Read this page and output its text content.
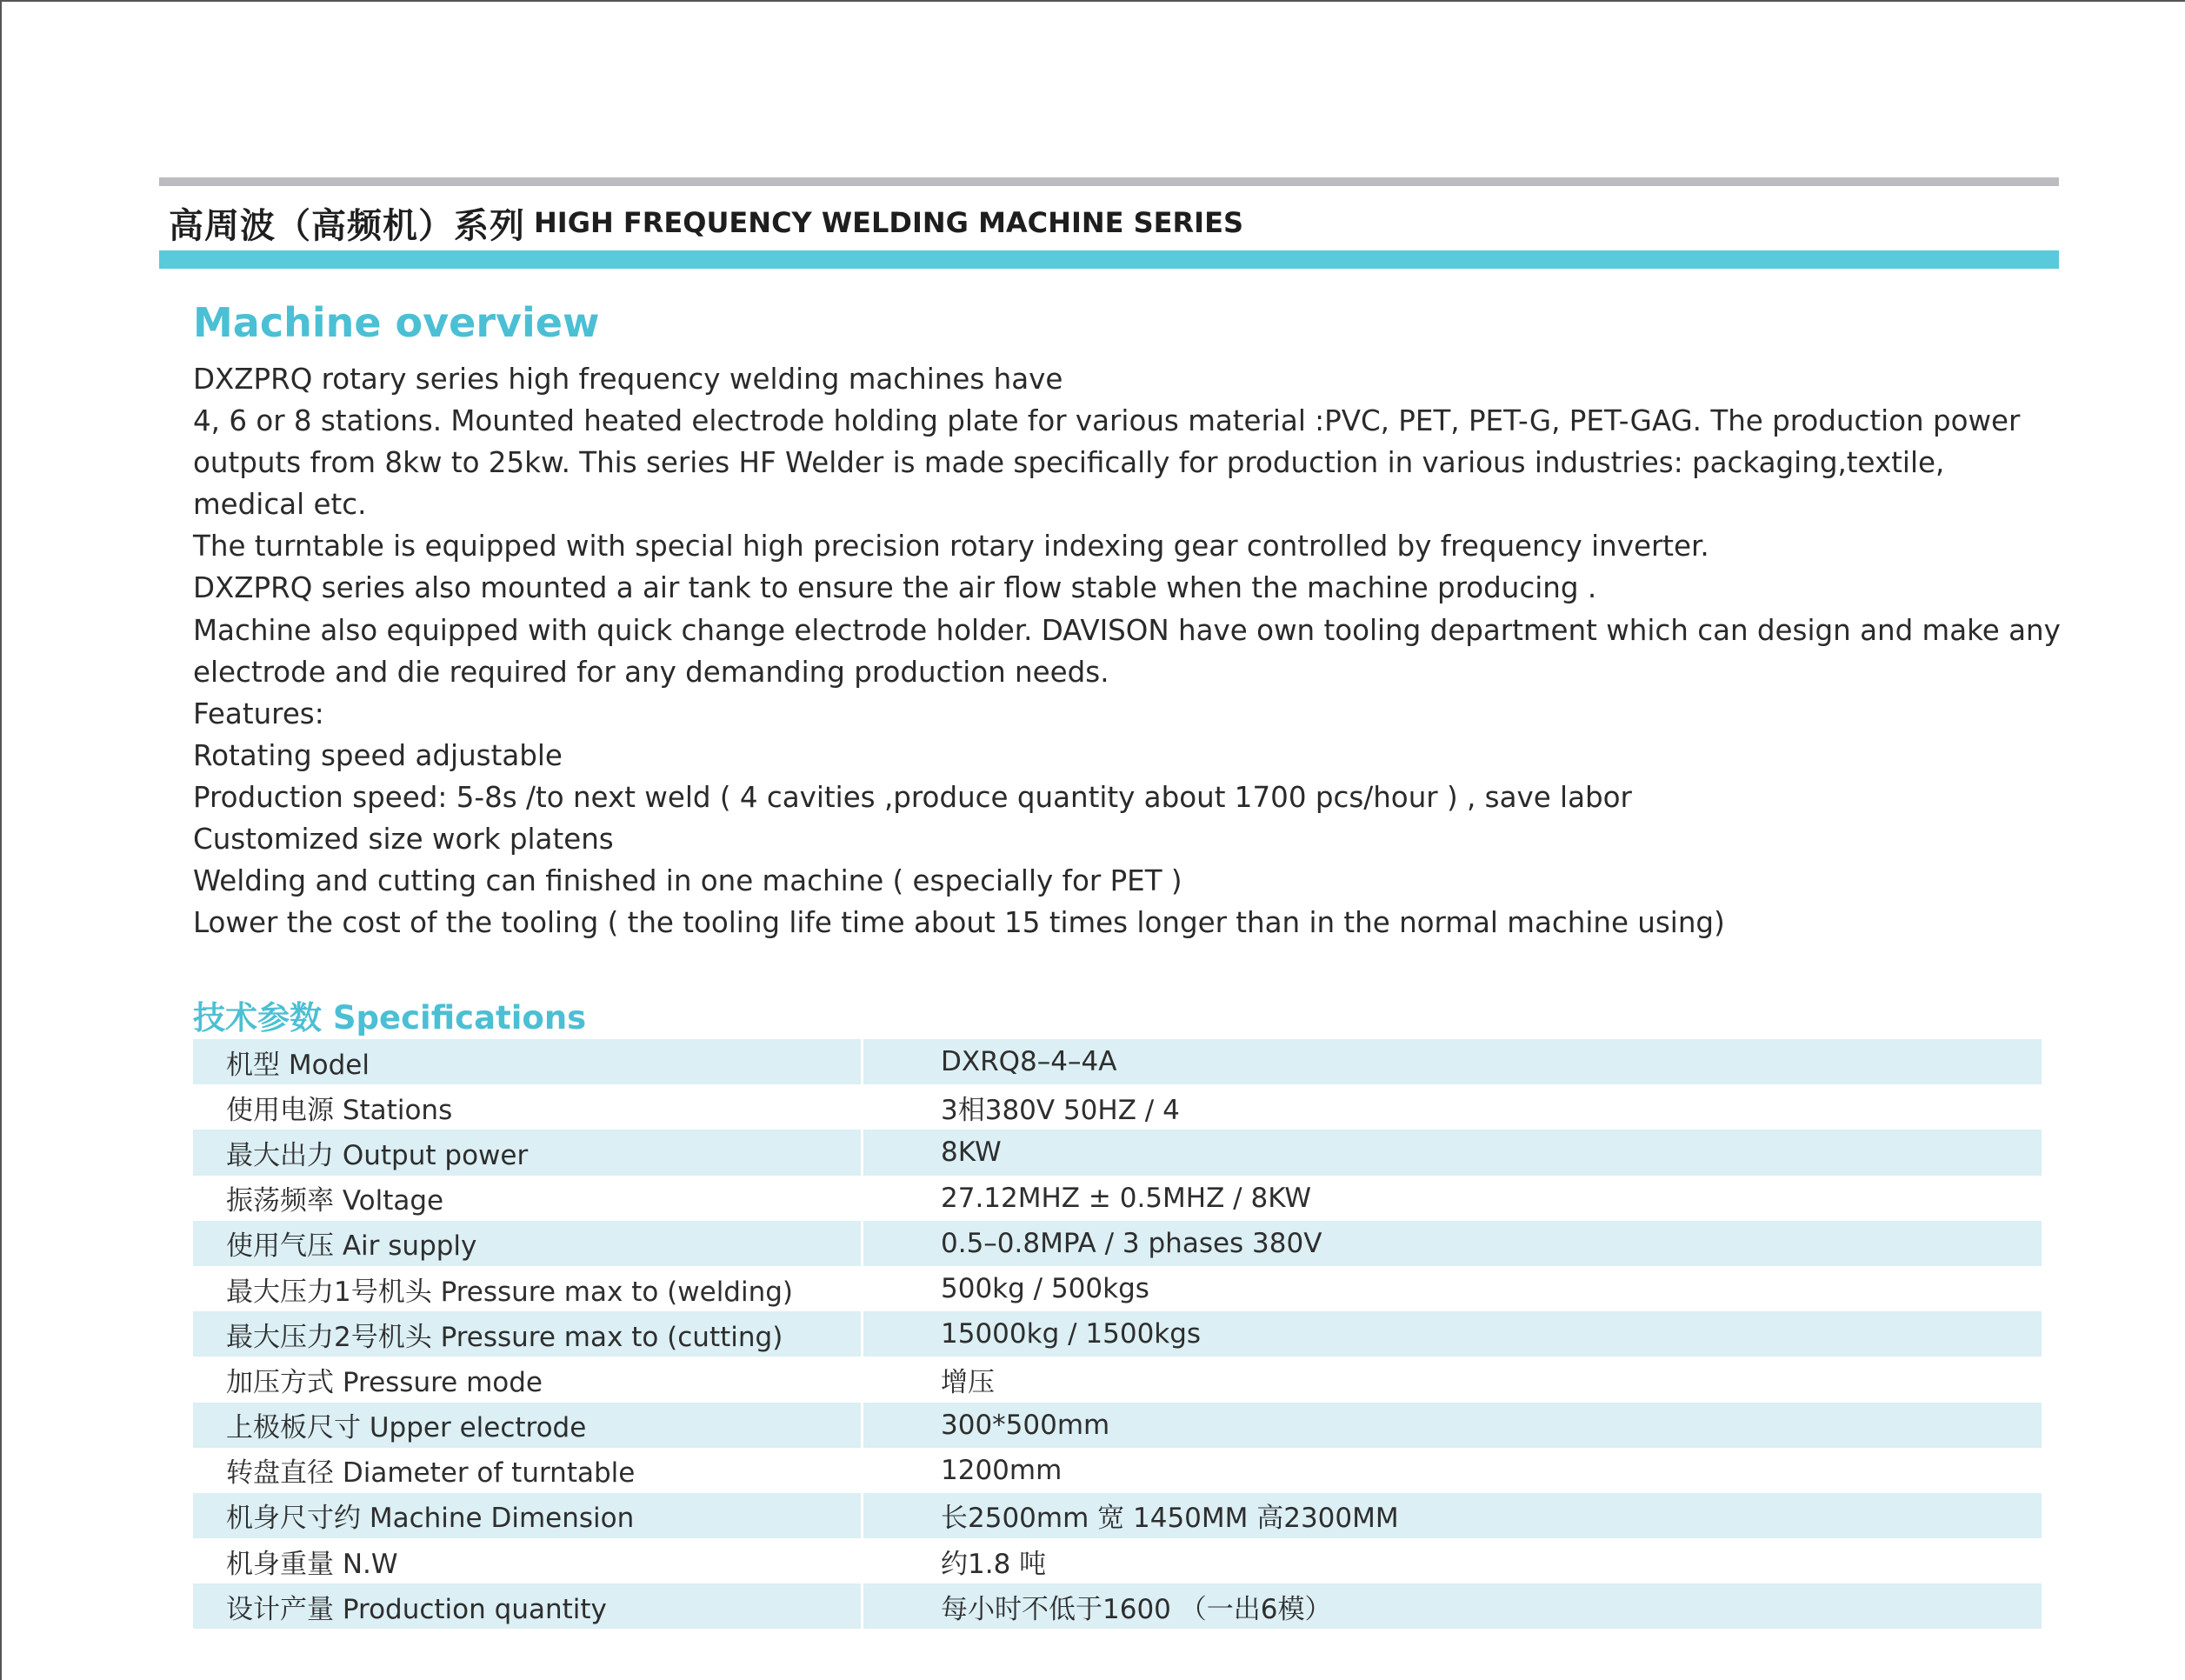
高周波（高频机）系列 HIGH FREQUENCY WELDING MACHINE SERIES
Machine overview
DXZPRQ rotary series high frequency welding machines have
4, 6 or 8 stations. Mounted heated electrode holding plate for various material :PVC, PET, PET-G, PET-GAG. The production power
outputs from 8kw to 25kw. This series HF Welder is made specifically for production in various industries: packaging,textile,
medical etc.
The turntable is equipped with special high precision rotary indexing gear controlled by frequency inverter.
DXZPRQ series also mounted a air tank to ensure the air flow stable when the machine producing .
Machine also equipped with quick change electrode holder. DAVISON have own tooling department which can design and make any
electrode and die required for any demanding production needs.
Features:
Rotating speed adjustable
Production speed: 5-8s /to next weld ( 4 cavities ,produce quantity about 1700 pcs/hour ) , save labor
Customized size work platens
Welding and cutting can finished in one machine ( especially for PET )
Lower the cost of the tooling ( the tooling life time about 15 times longer than in the normal machine using)
技术参数 Specifications
机型 Model	DXRQ8–4–4A
使用电源 Stations	3相380V 50HZ / 4
最大出力 Output power	8KW
振荡频率 Voltage	27.12MHZ ± 0.5MHZ / 8KW
使用气压 Air supply	0.5–0.8MPA / 3 phases 380V
最大压力1号机头 Pressure max to (welding)	500kg / 500kgs
最大压力2号机头 Pressure max to (cutting)	15000kg / 1500kgs
加压方式 Pressure mode	增压
上极板尺寸 Upper electrode	300*500mm
转盘直径 Diameter of turntable	1200mm
机身尺寸约 Machine Dimension	长2500mm 宽 1450MM 高2300MM
机身重量 N.W	约1.8 吨
设计产量 Production quantity	每小时不低于1600 （一出6模）
